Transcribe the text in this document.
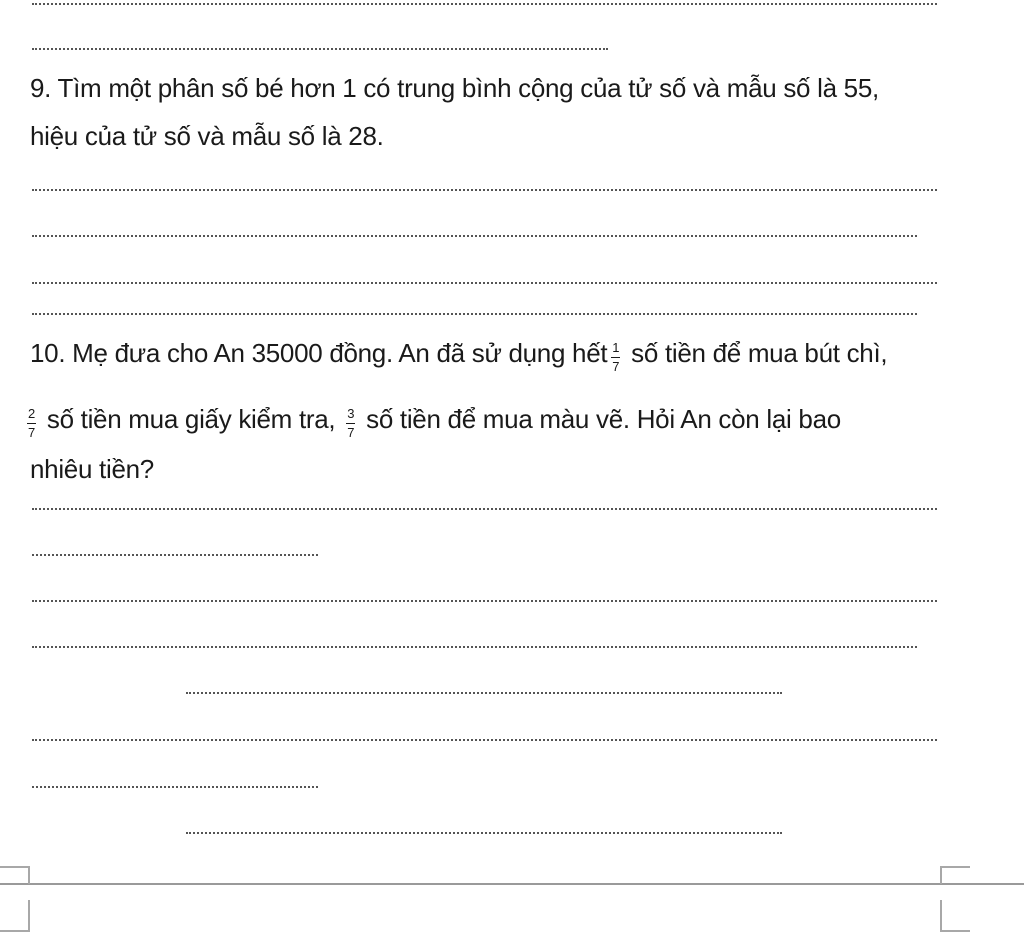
9. Tìm một phân số bé hơn 1 có trung bình cộng của tử số và mẫu số là 55,
hiệu của tử số và mẫu số là 28.
10. Mẹ đưa cho An 35000 đồng. An đã sử dụng hết $\frac{1}{7}$ số tiền để mua bút chì,
$\frac{2}{7}$ số tiền mua giấy kiểm tra, $\frac{3}{7}$ số tiền để mua màu vẽ. Hỏi An còn lại bao
nhiêu tiền?
